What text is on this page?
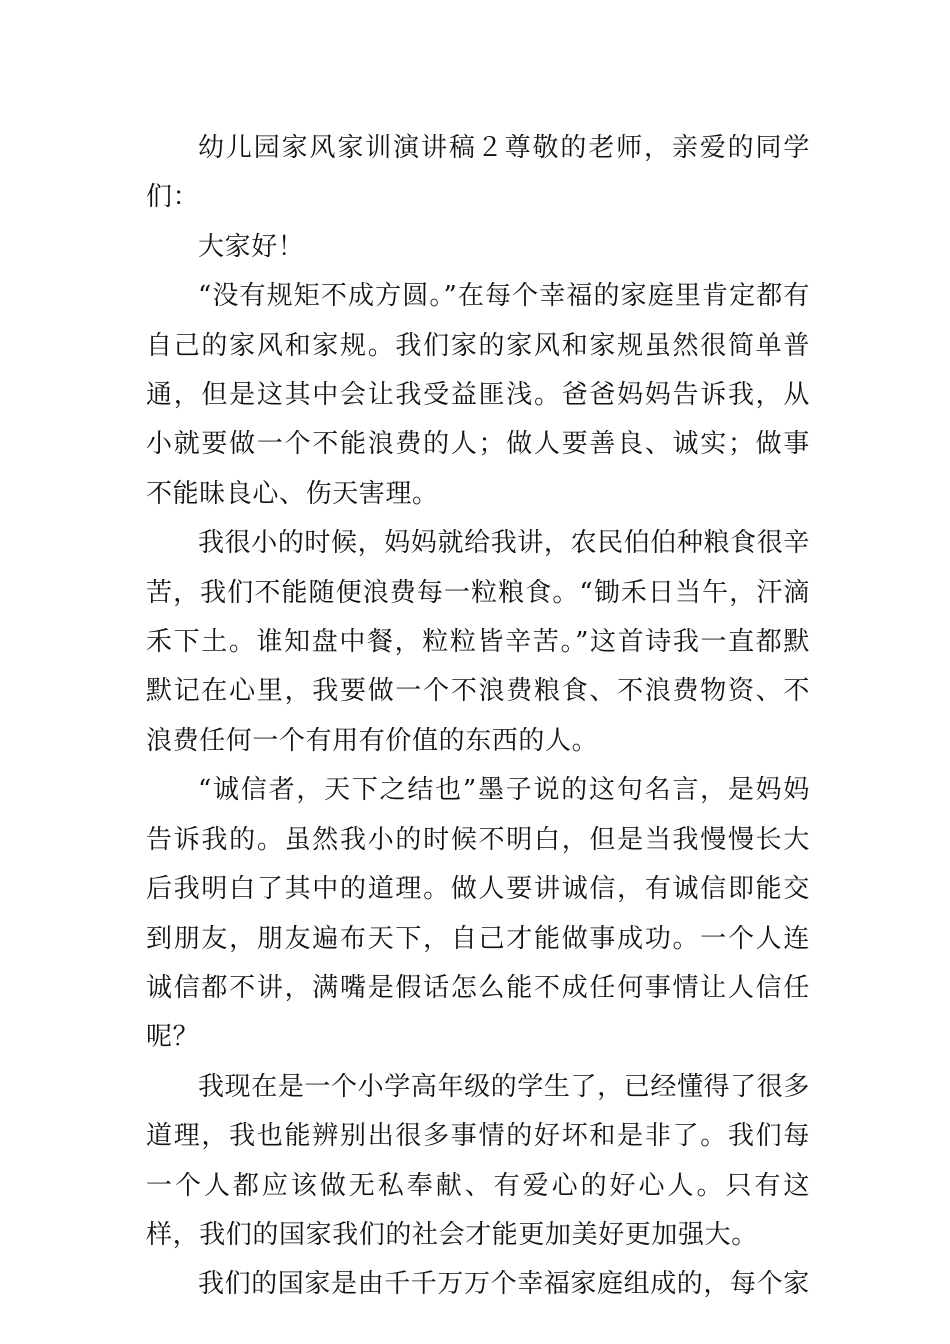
幼儿园家风家训演讲稿２尊敬的老师，亲爱的同学们：

大家好！

“没有规矩不成方圆。”在每个幸福的家庭里肯定都有自己的家风和家规。我们家的家风和家规虽然很简单普通，但是这其中会让我受益匪浅。爸爸妈妈告诉我，从小就要做一个不能浪费的人；做人要善良、诚实；做事不能昧良心、伤天害理。

我很小的时候，妈妈就给我讲，农民伯伯种粮食很辛苦，我们不能随便浪费每一粒粮食。“锄禾日当午，汗滴禾下土。谁知盘中餐，粒粒皆辛苦。”这首诗我一直都默默记在心里，我要做一个不浪费粮食、不浪费物资、不浪费任何一个有用有价值的东西的人。

“诚信者，天下之结也”墨子说的这句名言，是妈妈告诉我的。虽然我小的时候不明白，但是当我慢慢长大后我明白了其中的道理。做人要讲诚信，有诚信即能交到朋友，朋友遍布天下，自己才能做事成功。一个人连诚信都不讲，满嘴是假话怎么能不成任何事情让人信任呢？

我现在是一个小学高年级的学生了，已经懂得了很多道理，我也能辨别出很多事情的好坏和是非了。我们每一个人都应该做无私奉献、有爱心的好心人。只有这样，我们的国家我们的社会才能更加美好更加强大。

我们的国家是由千千万万个幸福家庭组成的，每个家
